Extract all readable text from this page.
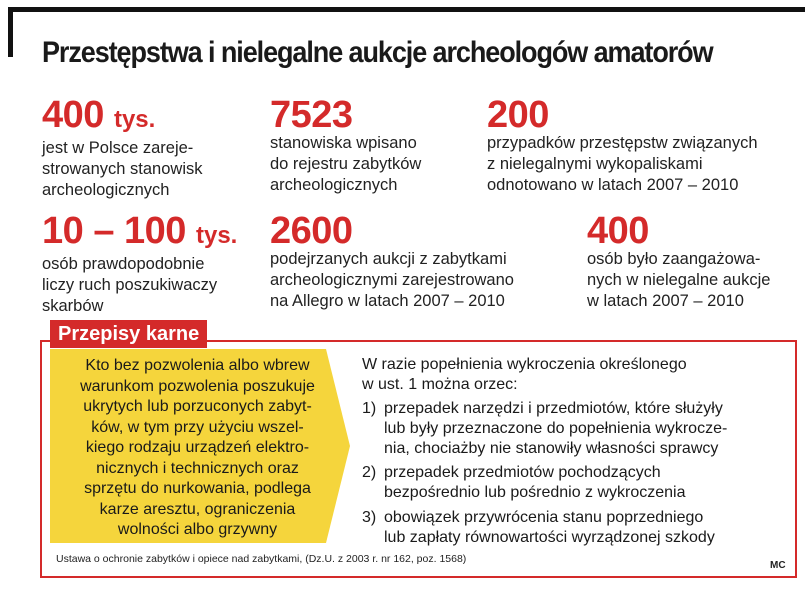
Przestępstwa i nielegalne aukcje archeologów amatorów
400 tys.
jest w Polsce zareje-
strowanych stanowisk
archeologicznych
7523
stanowiska wpisano
do rejestru zabytków
archeologicznych
200
przypadków przestępstw związanych
z nielegalnymi wykopaliskami
odnotowano w latach 2007 – 2010
10 – 100 tys.
osób prawdopodobnie
liczy ruch poszukiwaczy
skarbów
2600
podejrzanych aukcji z zabytkami
archeologicznymi zarejestrowano
na Allegro w latach 2007 – 2010
400
osób było zaangażowa-
nych w nielegalne aukcje
w latach 2007 – 2010
Przepisy karne
Kto bez pozwolenia albo wbrew
warunkom pozwolenia poszukuje
ukrytych lub porzuconych zabyt-
ków, w tym przy użyciu wszel-
kiego rodzaju urządzeń elektro-
nicznych i technicznych oraz
sprzętu do nurkowania, podlega
karze aresztu, ograniczenia
wolności albo grzywny
W razie popełnienia wykroczenia określonego
w ust. 1 można orzec:
1) przepadek narzędzi i przedmiotów, które służyły
lub były przeznaczone do popełnienia wykrocze-
nia, chociażby nie stanowiły własności sprawcy
2) przepadek przedmiotów pochodzących
bezpośrednio lub pośrednio z wykroczenia
3) obowiązek przywrócenia stanu poprzedniego
lub zapłaty równowartości wyrządzonej szkody
Ustawa o ochronie zabytków i opiece nad zabytkami, (Dz.U. z 2003 r. nr 162, poz. 1568)
MC
